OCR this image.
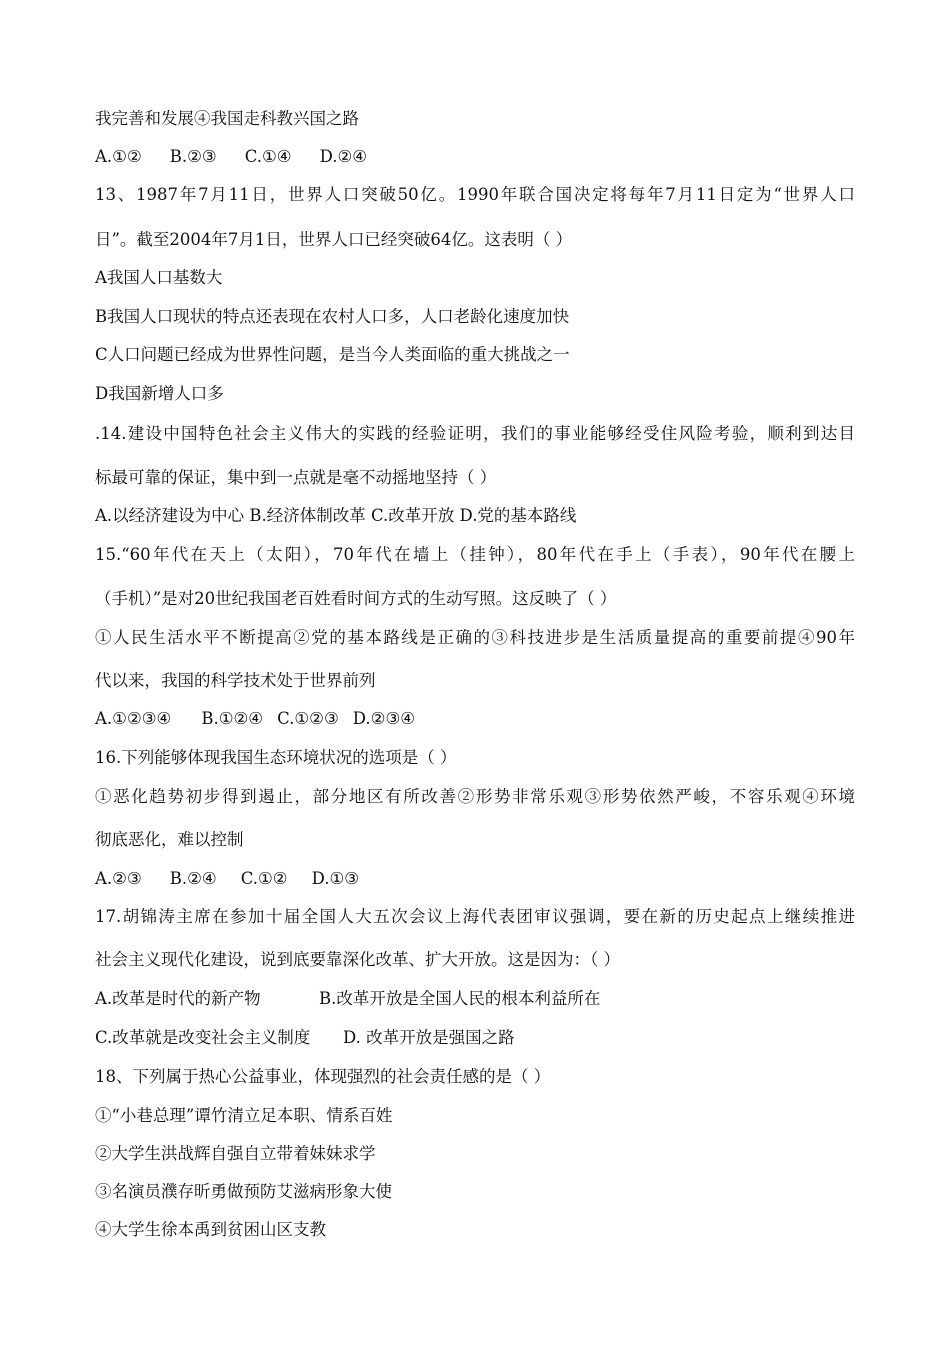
我完善和发展④我国走科教兴国之路
A.①② B.②③ C.①④ D.②④
13、1987年7月11日，世界人口突破50亿。1990年联合国决定将每年7月11日定为“世界人口
日”。截至2004年7月1日，世界人口已经突破64亿。这表明（ ）
A我国人口基数大
B我国人口现状的特点还表现在农村人口多，人口老龄化速度加快
C人口问题已经成为世界性问题，是当今人类面临的重大挑战之一
D我国新增人口多
.14.建设中国特色社会主义伟大的实践的经验证明，我们的事业能够经受住风险考验，顺利到达目
标最可靠的保证，集中到一点就是毫不动摇地坚持（ ）
A.以经济建设为中心 B.经济体制改革 C.改革开放 D.党的基本路线
15.“60年代在天上（太阳），70年代在墙上（挂钟），80年代在手上（手表），90年代在腰上
（手机）”是对20世纪我国老百姓看时间方式的生动写照。这反映了（ ）
①人民生活水平不断提高②党的基本路线是正确的③科技进步是生活质量提高的重要前提④90年
代以来，我国的科学技术处于世界前列
A.①②③④ B.①②④ C.①②③ D.②③④
16.下列能够体现我国生态环境状况的选项是（ ）
①恶化趋势初步得到遏止，部分地区有所改善②形势非常乐观③形势依然严峻，不容乐观④环境
彻底恶化，难以控制
A.②③ B.②④ C.①② D.①③
17.胡锦涛主席在参加十届全国人大五次会议上海代表团审议强调，要在新的历史起点上继续推进
社会主义现代化建设，说到底要靠深化改革、扩大开放。这是因为：（ ）
A.改革是时代的新产物	B.改革开放是全国人民的根本利益所在
C.改革就是改变社会主义制度 D. 改革开放是强国之路
18、下列属于热心公益事业，体现强烈的社会责任感的是（ ）
①“小巷总理”谭竹清立足本职、情系百姓
②大学生洪战辉自强自立带着妹妹求学
③名演员濮存昕勇做预防艾滋病形象大使
④大学生徐本禹到贫困山区支教
